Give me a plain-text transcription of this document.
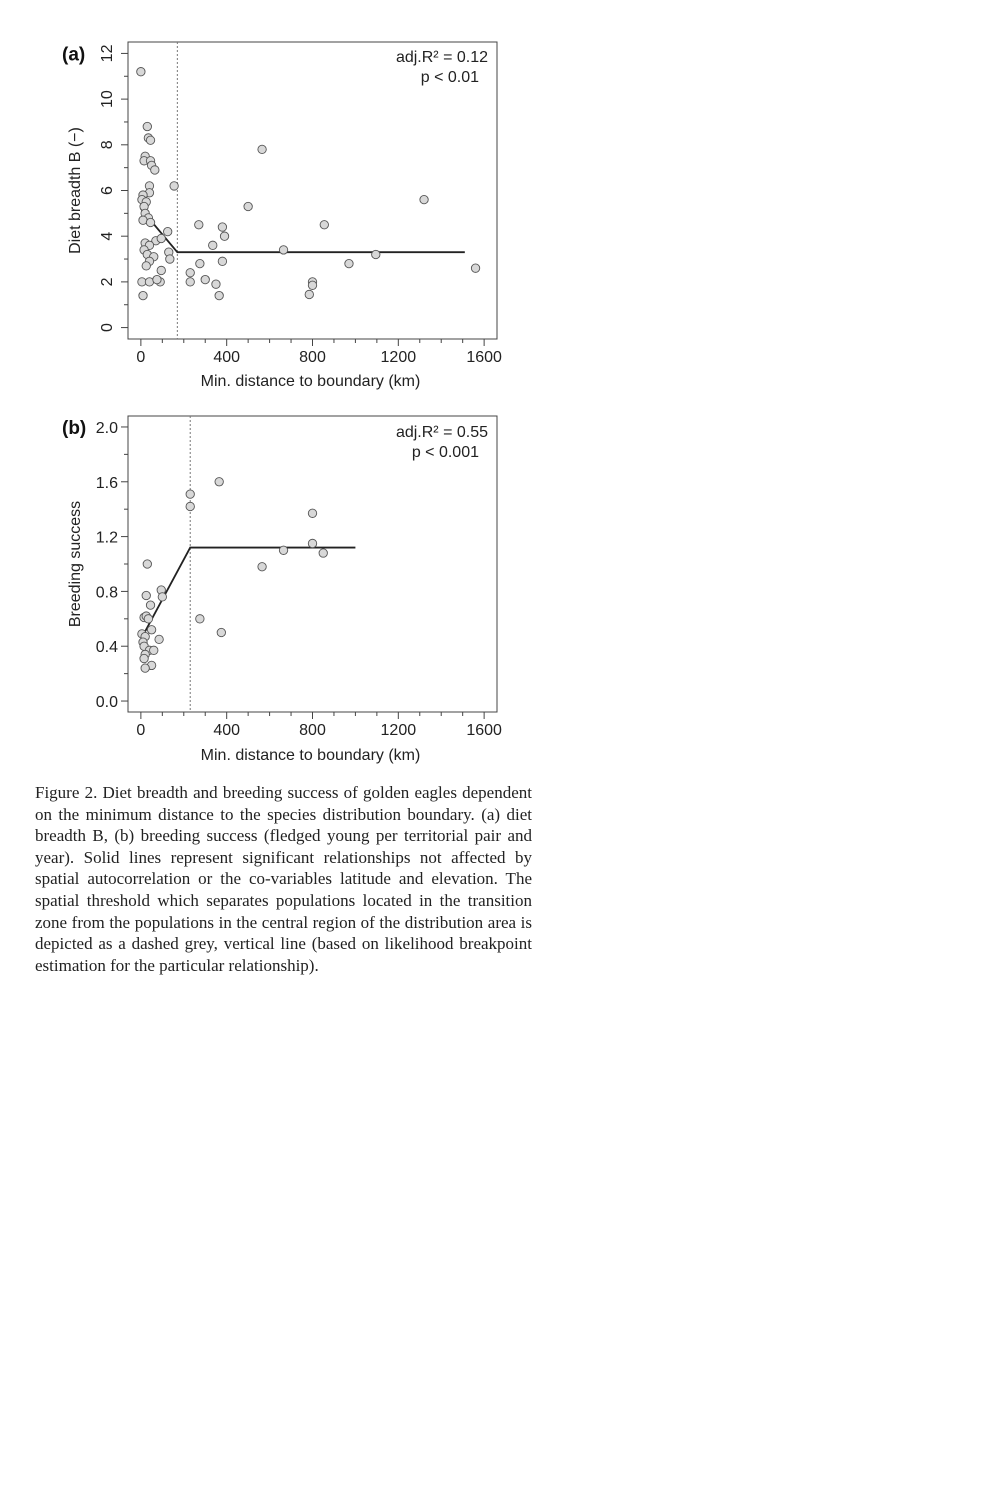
0	400	800	1200	1600
0
2
4
6
8
10
12
Min. distance to boundary (km)
Diet breadth B (−)
(a)	adj.R² = 0.12
p < 0.01
0	400	800	1200	1600
0.0
0.4
0.8
1.2
1.6
2.0
Min. distance to boundary (km)
Breeding success
(b)	adj.R² = 0.55
p < 0.001

Figure 2. Diet breadth and breeding success of golden eagles dependent on the minimum distance to the species distribution boundary. (a) diet breadth B, (b) breeding success (fledged young per territorial pair and year). Solid lines represent significant relationships not affected by spatial autocorrelation or the co-variables latitude and elevation. The spatial threshold which separates populations located in the transition zone from the populations in the central region of the distribution area is depicted as a dashed grey, vertical line (based on likelihood breakpoint estimation for the particular relationship).
